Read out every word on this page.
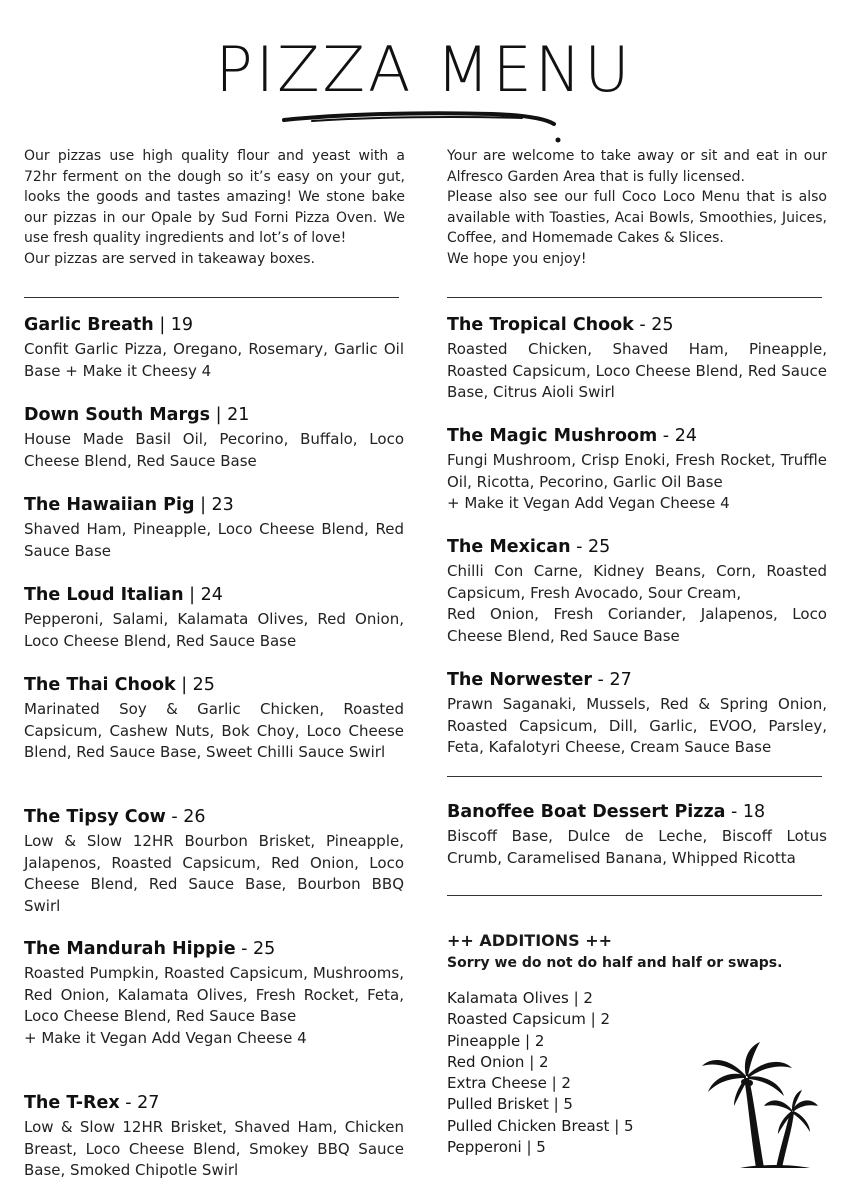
PIZZA MENU

Our pizzas use high quality flour and yeast with a 72hr ferment on the dough so it’s easy on your gut, looks the goods and tastes amazing! We stone bake our pizzas in our Opale by Sud Forni Pizza Oven. We use fresh quality ingredients and lot’s of love!

Our pizzas are served in takeaway boxes.

Your are welcome to take away or sit and eat in our Alfresco Garden Area that is fully licensed.

Please also see our full Coco Loco Menu that is also available with Toasties, Acai Bowls, Smoothies, Juices, Coffee, and Homemade Cakes & Slices.

We hope you enjoy!

Garlic Breath | 19

Confit Garlic Pizza, Oregano, Rosemary, Garlic Oil Base + Make it Cheesy 4

Down South Margs | 21

House Made Basil Oil, Pecorino, Buffalo, Loco Cheese Blend, Red Sauce Base

The Hawaiian Pig | 23

Shaved Ham, Pineapple, Loco Cheese Blend, Red Sauce Base

The Loud Italian | 24

Pepperoni, Salami, Kalamata Olives, Red Onion, Loco Cheese Blend, Red Sauce Base

The Thai Chook | 25

Marinated Soy & Garlic Chicken, Roasted Capsicum, Cashew Nuts, Bok Choy, Loco Cheese Blend, Red Sauce Base, Sweet Chilli Sauce Swirl

The Tipsy Cow - 26

Low & Slow 12HR Bourbon Brisket, Pineapple, Jalapenos, Roasted Capsicum, Red Onion, Loco Cheese Blend, Red Sauce Base, Bourbon BBQ Swirl

The Mandurah Hippie - 25

Roasted Pumpkin, Roasted Capsicum, Mushrooms, Red Onion, Kalamata Olives, Fresh Rocket, Feta, Loco Cheese Blend, Red Sauce Base
+ Make it Vegan Add Vegan Cheese 4

The T-Rex - 27

Low & Slow 12HR Brisket, Shaved Ham, Chicken Breast, Loco Cheese Blend, Smokey BBQ Sauce Base, Smoked Chipotle Swirl

The Tropical Chook - 25

Roasted Chicken, Shaved Ham, Pineapple, Roasted Capsicum, Loco Cheese Blend, Red Sauce Base, Citrus Aioli Swirl

The Magic Mushroom - 24

Fungi Mushroom, Crisp Enoki, Fresh Rocket, Truffle Oil, Ricotta, Pecorino, Garlic Oil Base
+ Make it Vegan Add Vegan Cheese 4

The Mexican - 25

Chilli Con Carne, Kidney Beans, Corn, Roasted Capsicum, Fresh Avocado, Sour Cream,
Red Onion, Fresh Coriander, Jalapenos, Loco Cheese Blend, Red Sauce Base

The Norwester - 27

Prawn Saganaki, Mussels, Red & Spring Onion, Roasted Capsicum, Dill, Garlic, EVOO, Parsley, Feta, Kafalotyri Cheese, Cream Sauce Base

Banoffee Boat Dessert Pizza - 18

Biscoff Base, Dulce de Leche, Biscoff Lotus Crumb, Caramelised Banana, Whipped Ricotta

++ ADDITIONS ++

Sorry we do not do half and half or swaps.

Kalamata Olives | 2
Roasted Capsicum | 2
Pineapple | 2
Red Onion | 2
Extra Cheese | 2
Pulled Brisket | 5
Pulled Chicken Breast | 5
Pepperoni | 5
